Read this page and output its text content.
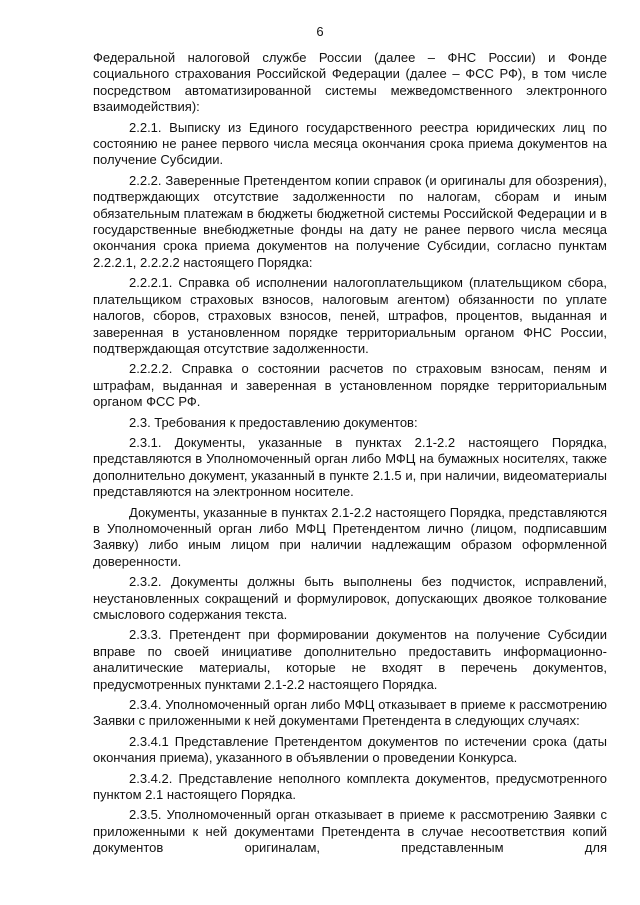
6

Федеральной налоговой службе России (далее – ФНС России) и Фонде социального страхования Российской Федерации (далее – ФСС РФ), в том числе посредством автоматизированной системы межведомственного электронного взаимодействия):

2.2.1. Выписку из Единого государственного реестра юридических лиц по состоянию не ранее первого числа месяца окончания срока приема документов на получение Субсидии.

2.2.2. Заверенные Претендентом копии справок (и оригиналы для обозрения), подтверждающих отсутствие задолженности по налогам, сборам и иным обязательным платежам в бюджеты бюджетной системы Российской Федерации и в государственные внебюджетные фонды на дату не ранее первого числа месяца окончания срока приема документов на получение Субсидии, согласно пунктам 2.2.2.1, 2.2.2.2 настоящего Порядка:

2.2.2.1. Справка об исполнении налогоплательщиком (плательщиком сбора, плательщиком страховых взносов, налоговым агентом) обязанности по уплате налогов, сборов, страховых взносов, пеней, штрафов, процентов, выданная и заверенная в установленном порядке территориальным органом ФНС России, подтверждающая отсутствие задолженности.

2.2.2.2. Справка о состоянии расчетов по страховым взносам, пеням и штрафам, выданная и заверенная в установленном порядке территориальным органом ФСС РФ.

2.3. Требования к предоставлению документов:

2.3.1. Документы, указанные в пунктах 2.1-2.2 настоящего Порядка, представляются в Уполномоченный орган либо МФЦ на бумажных носителях, также дополнительно документ, указанный в пункте 2.1.5 и, при наличии, видеоматериалы представляются на электронном носителе.

Документы, указанные в пунктах 2.1-2.2 настоящего Порядка, представляются в Уполномоченный орган либо МФЦ Претендентом лично (лицом, подписавшим Заявку) либо иным лицом при наличии надлежащим образом оформленной доверенности.

2.3.2. Документы должны быть выполнены без подчисток, исправлений, неустановленных сокращений и формулировок, допускающих двоякое толкование смыслового содержания текста.

2.3.3. Претендент при формировании документов на получение Субсидии вправе по своей инициативе дополнительно предоставить информационно-аналитические материалы, которые не входят в перечень документов, предусмотренных пунктами 2.1-2.2 настоящего Порядка.

2.3.4. Уполномоченный орган либо МФЦ отказывает в приеме к рассмотрению Заявки с приложенными к ней документами Претендента в следующих случаях:

2.3.4.1 Представление Претендентом документов по истечении срока (даты окончания приема), указанного в объявлении о проведении Конкурса.

2.3.4.2. Представление неполного комплекта документов, предусмотренного пунктом 2.1 настоящего Порядка.

2.3.5. Уполномоченный орган отказывает в приеме к рассмотрению Заявки с приложенными к ней документами Претендента в случае несоответствия копий документов оригиналам, представленным для
